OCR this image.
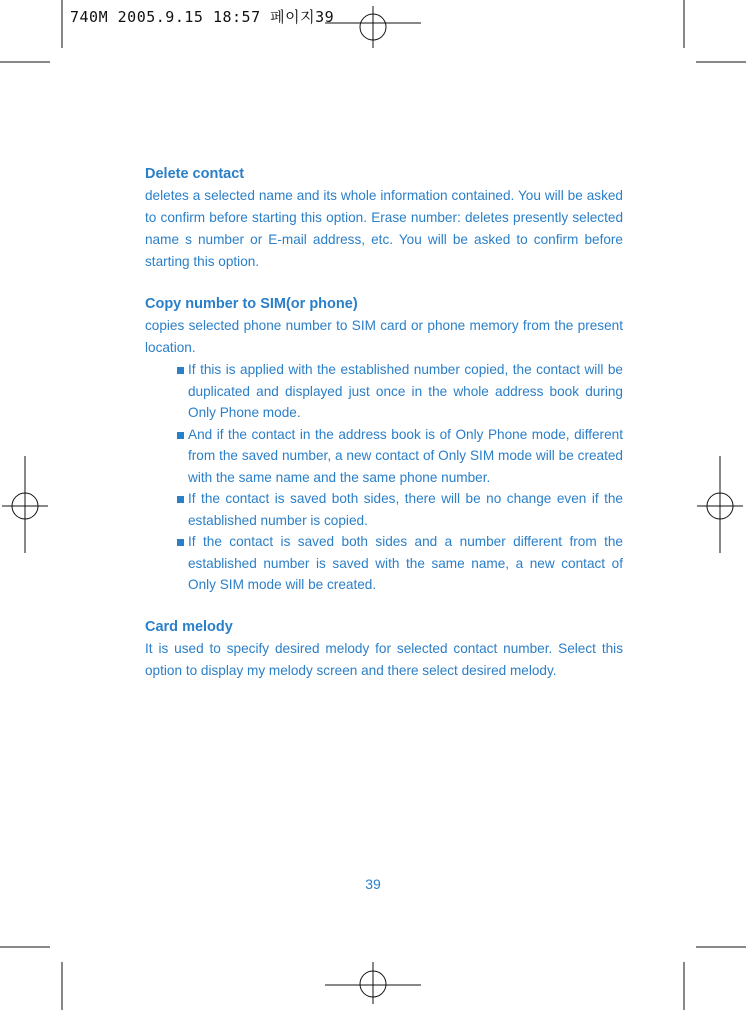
740M 2005.9.15 18:57 페이지39
Delete contact

deletes a selected name and its whole information contained. You will be asked to confirm before starting this option. Erase number: deletes presently selected name s number or E-mail address, etc. You will be asked to confirm before starting this option.

Copy number to SIM(or phone)

copies selected phone number to SIM card or phone memory from the present location.

If this is applied with the established number copied, the contact will be duplicated and displayed just once in the whole address book during Only Phone mode.
And if the contact in the address book is of Only Phone mode, different from the saved number, a new contact of Only SIM mode will be created with the same name and the same phone number.
If the contact is saved both sides, there will be no change even if the established number is copied.
If the contact is saved both sides and a number different from the established number is saved with the same name, a new contact of Only SIM mode will be created.
Card melody

It is used to specify desired melody for selected contact number. Select this option to display my melody screen and there select desired melody.

39
